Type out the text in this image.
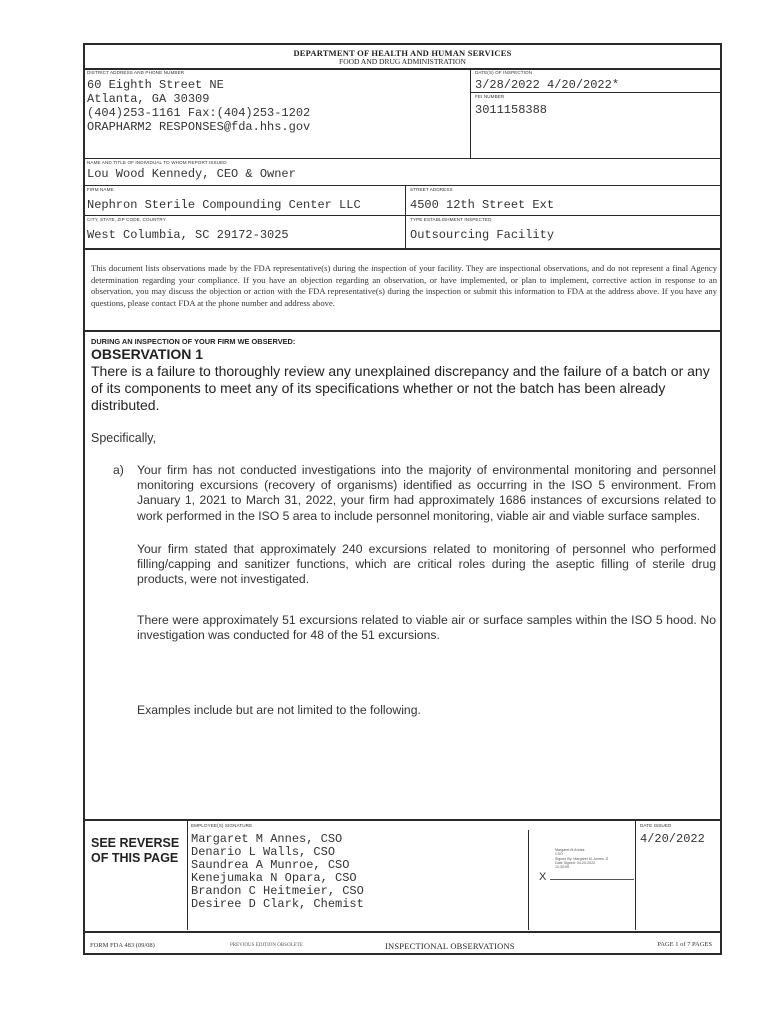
DEPARTMENT OF HEALTH AND HUMAN SERVICES
FOOD AND DRUG ADMINISTRATION
DISTRICT ADDRESS AND PHONE NUMBER
60 Eighth Street NE
Atlanta, GA 30309
(404)253-1161 Fax:(404)253-1202
ORAPHARM2 RESPONSES@fda.hhs.gov
DATE(S) OF INSPECTION
3/28/2022 4/20/2022*
FEI NUMBER
3011158388
NAME AND TITLE OF INDIVIDUAL TO WHOM REPORT ISSUED
Lou Wood Kennedy, CEO & Owner
FIRM NAME
Nephron Sterile Compounding Center LLC
STREET ADDRESS
4500 12th Street Ext
CITY, STATE, ZIP CODE, COUNTRY
West Columbia, SC 29172-3025
TYPE ESTABLISHMENT INSPECTED
Outsourcing Facility
This document lists observations made by the FDA representative(s) during the inspection of your facility. They are inspectional observations, and do not represent a final Agency determination regarding your compliance. If you have an objection regarding an observation, or have implemented, or plan to implement, corrective action in response to an observation, you may discuss the objection or action with the FDA representative(s) during the inspection or submit this information to FDA at the address above. If you have any questions, please contact FDA at the phone number and address above.
DURING AN INSPECTION OF YOUR FIRM WE OBSERVED:
OBSERVATION 1
There is a failure to thoroughly review any unexplained discrepancy and the failure of a batch or any of its components to meet any of its specifications whether or not the batch has been already distributed.
Specifically,
a) Your firm has not conducted investigations into the majority of environmental monitoring and personnel monitoring excursions (recovery of organisms) identified as occurring in the ISO 5 environment. From January 1, 2021 to March 31, 2022, your firm had approximately 1686 instances of excursions related to work performed in the ISO 5 area to include personnel monitoring, viable air and viable surface samples.
Your firm stated that approximately 240 excursions related to monitoring of personnel who performed filling/capping and sanitizer functions, which are critical roles during the aseptic filling of sterile drug products, were not investigated.
There were approximately 51 excursions related to viable air or surface samples within the ISO 5 hood. No investigation was conducted for 48 of the 51 excursions.
Examples include but are not limited to the following.
SEE REVERSE
OF THIS PAGE
EMPLOYEE(S) SIGNATURE
Margaret M Annes, CSO
Denario L Walls, CSO
Saundrea A Munroe, CSO
Kenejumaka N Opara, CSO
Brandon C Heitmeier, CSO
Desiree D Clark, Chemist
X
Margaret M Annes
CSO
Signed By: Margaret M. Annes -S
Date Signed: 04-20-2022
12:30:59
DATE ISSUED
4/20/2022
FORM FDA 483 (09/08)	PREVIOUS EDITION OBSOLETE	INSPECTIONAL OBSERVATIONS	PAGE 1 of 7 PAGES
